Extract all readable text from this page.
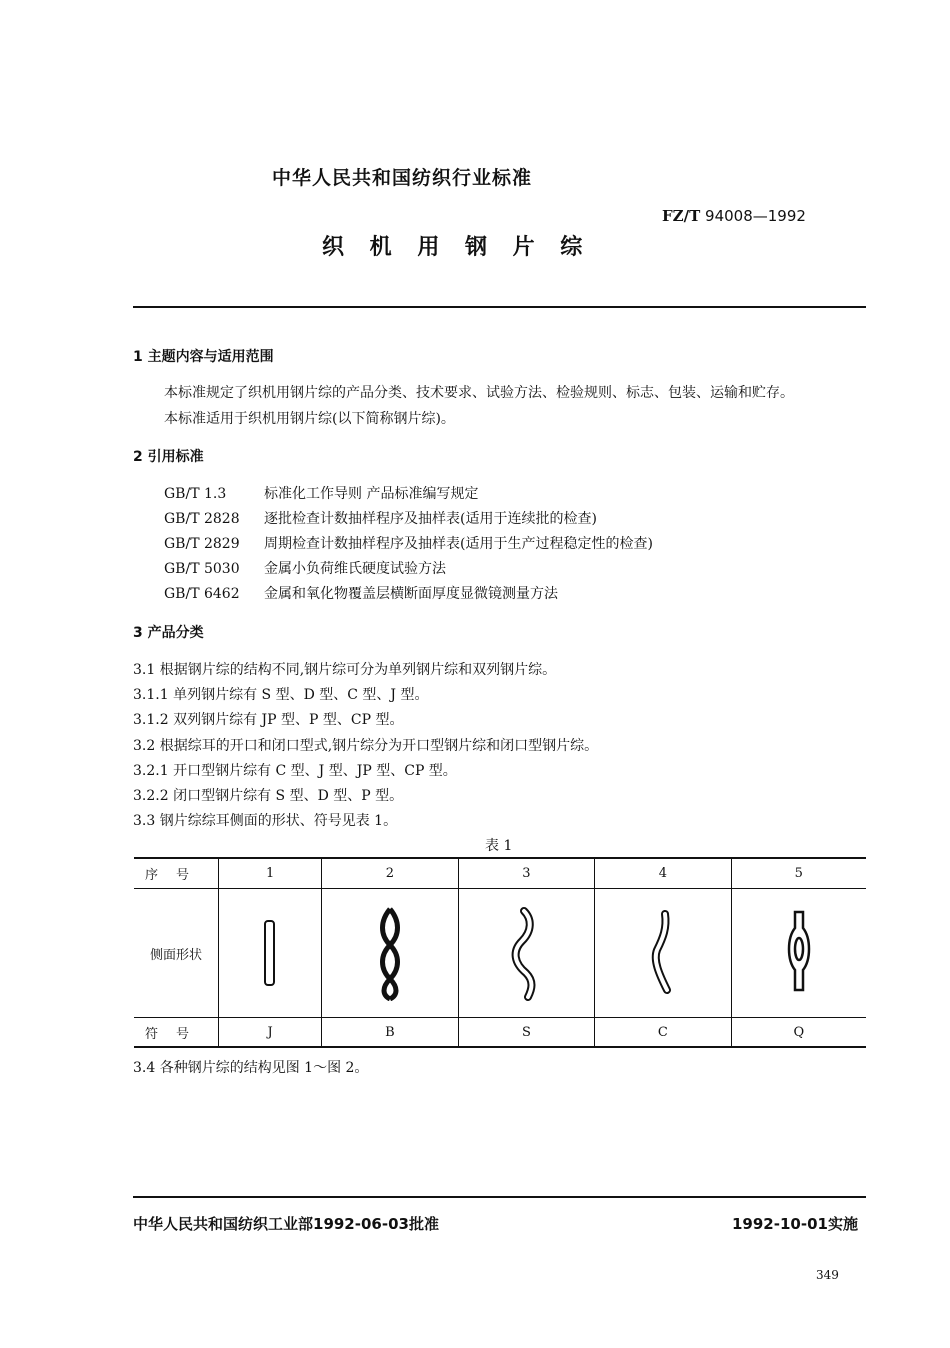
中华人民共和国纺织行业标准
FZ/T 94008—1992
织 机 用 钢 片 综
1 主题内容与适用范围
本标准规定了织机用钢片综的产品分类、技术要求、试验方法、检验规则、标志、包装、运输和贮存。
本标准适用于织机用钢片综(以下简称钢片综)。
2 引用标准
GB/T 1.3	标准化工作导则 产品标准编写规定
GB/T 2828 逐批检查计数抽样程序及抽样表(适用于连续批的检查)
GB/T 2829 周期检查计数抽样程序及抽样表(适用于生产过程稳定性的检查)
GB/T 5030 金属小负荷维氏硬度试验方法
GB/T 6462 金属和氧化物覆盖层横断面厚度显微镜测量方法
3 产品分类
3.1 根据钢片综的结构不同,钢片综可分为单列钢片综和双列钢片综。
3.1.1 单列钢片综有 S 型、D 型、C 型、J 型。
3.1.2 双列钢片综有 JP 型、P 型、CP 型。
3.2 根据综耳的开口和闭口型式,钢片综分为开口型钢片综和闭口型钢片综。
3.2.1 开口型钢片综有 C 型、J 型、JP 型、CP 型。
3.2.2 闭口型钢片综有 S 型、D 型、P 型。
3.3 钢片综综耳侧面的形状、符号见表 1。
表 1
序号	1	2	3	4	5
侧面形状	

符号	J	B	S	C	Q
3.4 各种钢片综的结构见图 1～图 2。
中华人民共和国纺织工业部1992-06-03批准	1992-10-01实施
349
